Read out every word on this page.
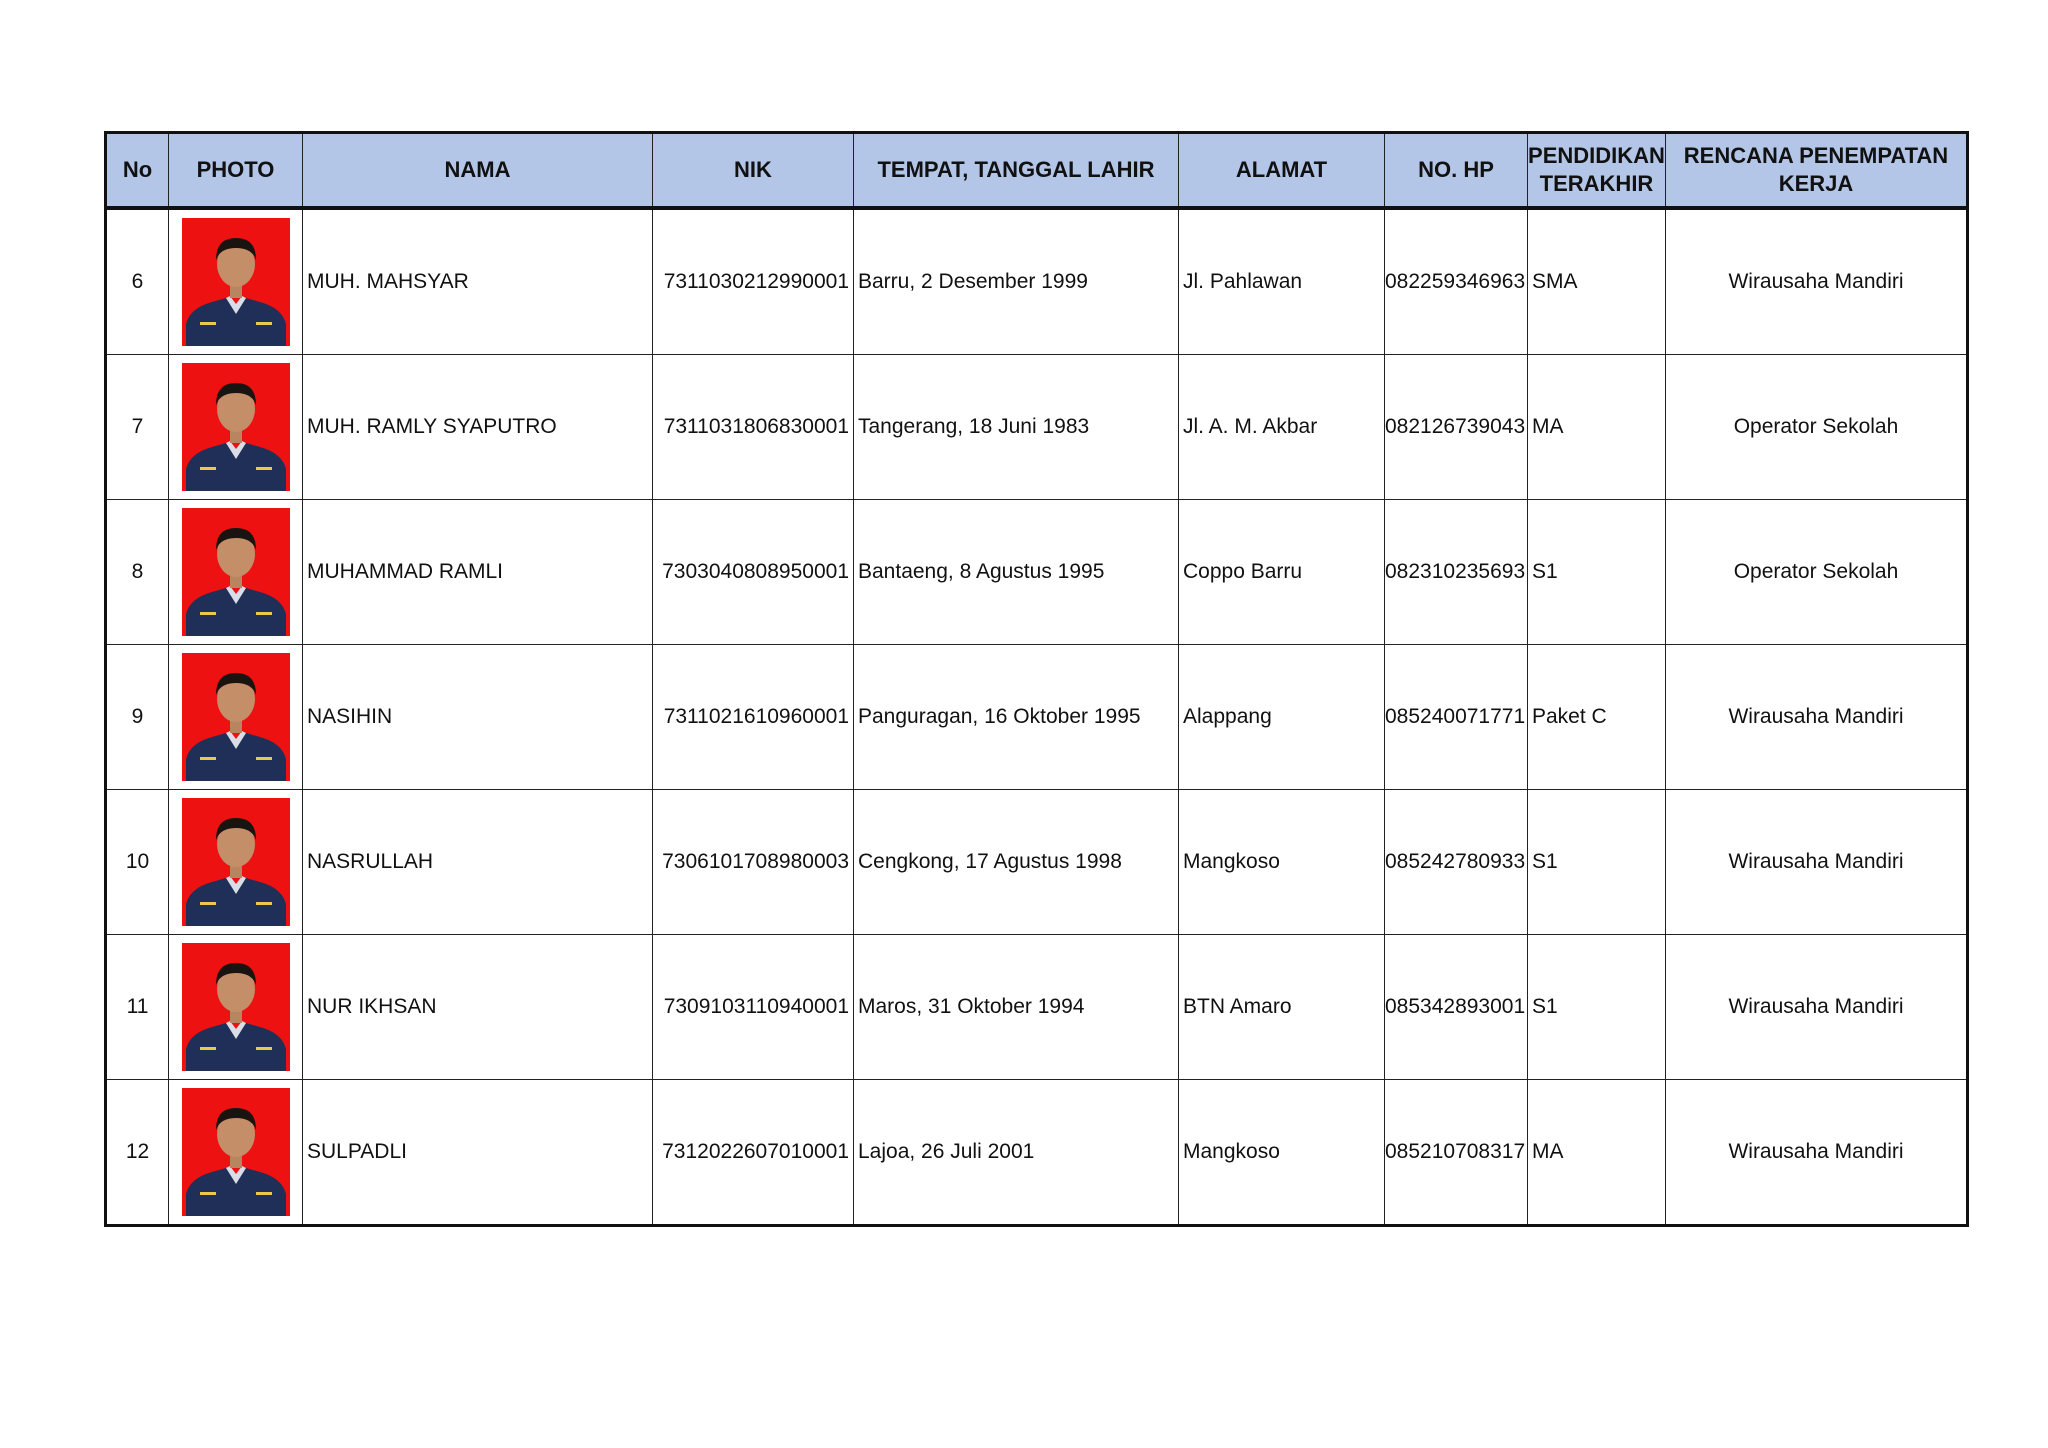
No	PHOTO	NAMA	NIK	TEMPAT, TANGGAL LAHIR	ALAMAT	NO. HP	PENDIDIKAN TERAKHIR	RENCANA PENEMPATAN KERJA
6		MUH. MAHSYAR	7311030212990001	Barru, 2 Desember 1999	Jl. Pahlawan	082259346963	SMA	Wirausaha Mandiri
7		MUH. RAMLY SYAPUTRO	7311031806830001	Tangerang, 18 Juni 1983	Jl. A. M. Akbar	082126739043	MA	Operator Sekolah
8		MUHAMMAD RAMLI	7303040808950001	Bantaeng, 8 Agustus 1995	Coppo Barru	082310235693	S1	Operator Sekolah
9		NASIHIN	7311021610960001	Panguragan, 16 Oktober 1995	Alappang	085240071771	Paket C	Wirausaha Mandiri
10		NASRULLAH	7306101708980003	Cengkong, 17 Agustus 1998	Mangkoso	085242780933	S1	Wirausaha Mandiri
11		NUR IKHSAN	7309103110940001	Maros, 31 Oktober 1994	BTN Amaro	085342893001	S1	Wirausaha Mandiri
12		SULPADLI	7312022607010001	Lajoa, 26 Juli 2001	Mangkoso	085210708317	MA	Wirausaha Mandiri
